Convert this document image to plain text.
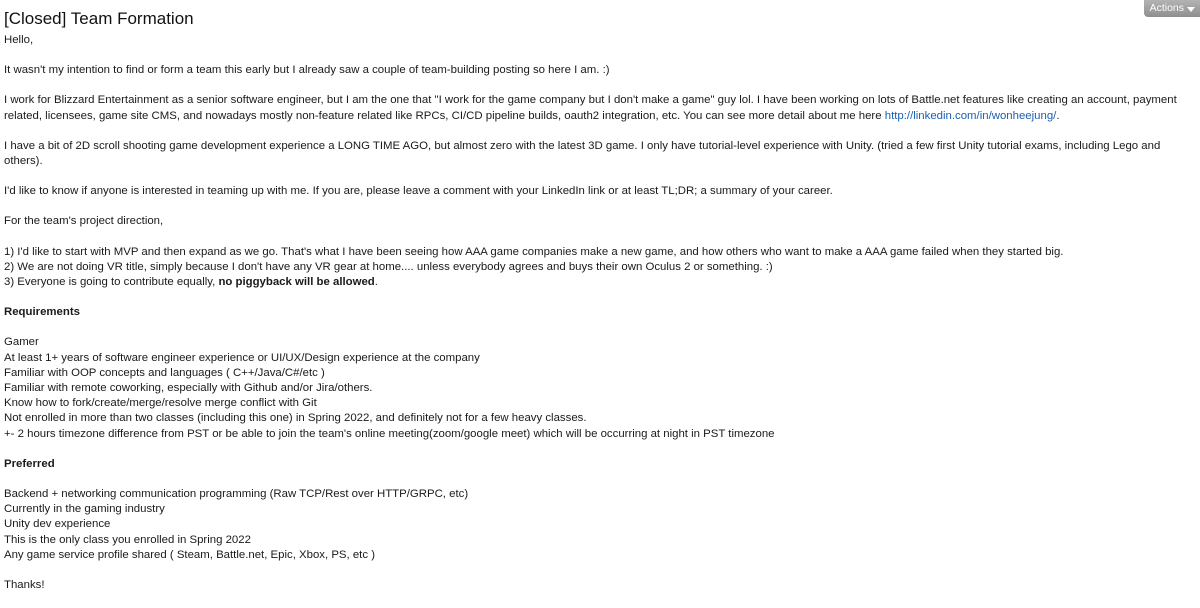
[Closed] Team Formation
Actions

Hello,

It wasn't my intention to find or form a team this early but I already saw a couple of team-building posting so here I am. :)

I work for Blizzard Entertainment as a senior software engineer, but I am the one that "I work for the game company but I don't make a game" guy lol. I have been working on lots of Battle.net features like creating an account, payment
related, licensees, game site CMS, and nowadays mostly non-feature related like RPCs, CI/CD pipeline builds, oauth2 integration, etc. You can see more detail about me here http://linkedin.com/in/wonheejung/.

I have a bit of 2D scroll shooting game development experience a LONG TIME AGO, but almost zero with the latest 3D game. I only have tutorial-level experience with Unity. (tried a few first Unity tutorial exams, including Lego and others).

I'd like to know if anyone is interested in teaming up with me. If you are, please leave a comment with your LinkedIn link or at least TL;DR; a summary of your career.

For the team's project direction,

1) I'd like to start with MVP and then expand as we go. That's what I have been seeing how AAA game companies make a new game, and how others who want to make a AAA game failed when they started big.
2) We are not doing VR title, simply because I don't have any VR gear at home.... unless everybody agrees and buys their own Oculus 2 or something. :)
3) Everyone is going to contribute equally, no piggyback will be allowed.

Requirements

Gamer
At least 1+ years of software engineer experience or UI/UX/Design experience at the company
Familiar with OOP concepts and languages ( C++/Java/C#/etc )
Familiar with remote coworking, especially with Github and/or Jira/others.
Know how to fork/create/merge/resolve merge conflict with Git
Not enrolled in more than two classes (including this one) in Spring 2022, and definitely not for a few heavy classes.
+- 2 hours timezone difference from PST or be able to join the team's online meeting(zoom/google meet) which will be occurring at night in PST timezone

Preferred

Backend + networking communication programming (Raw TCP/Rest over HTTP/GRPC, etc)
Currently in the gaming industry
Unity dev experience
This is the only class you enrolled in Spring 2022
Any game service profile shared ( Steam, Battle.net, Epic, Xbox, PS, etc )

Thanks!
